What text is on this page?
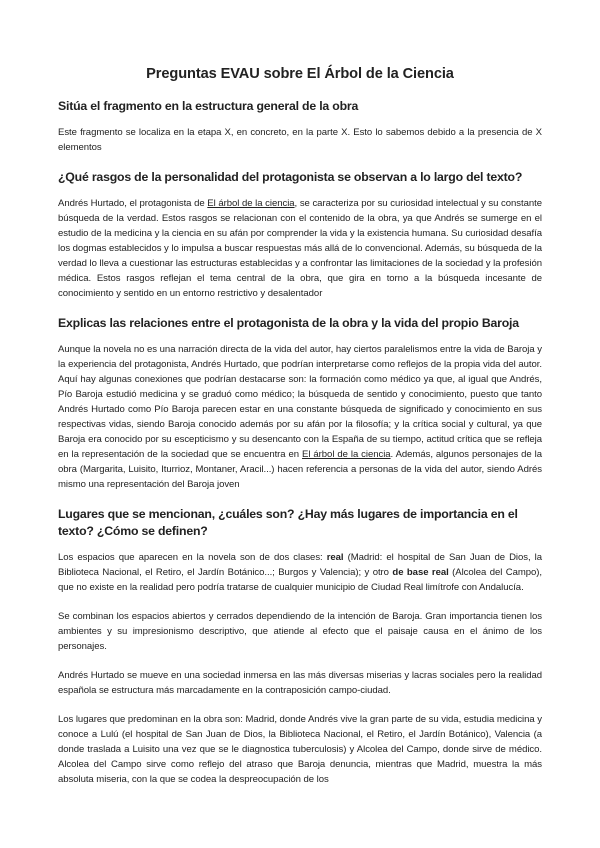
Preguntas EVAU sobre El Árbol de la Ciencia
Sitúa el fragmento en la estructura general de la obra

Este fragmento se localiza en la etapa X, en concreto, en la parte X. Esto lo sabemos debido a la presencia de X elementos

¿Qué rasgos de la personalidad del protagonista se observan a lo largo del texto?

Andrés Hurtado, el protagonista de El árbol de la ciencia, se caracteriza por su curiosidad intelectual y su constante búsqueda de la verdad. Estos rasgos se relacionan con el contenido de la obra, ya que Andrés se sumerge en el estudio de la medicina y la ciencia en su afán por comprender la vida y la existencia humana. Su curiosidad desafía los dogmas establecidos y lo impulsa a buscar respuestas más allá de lo convencional. Además, su búsqueda de la verdad lo lleva a cuestionar las estructuras establecidas y a confrontar las limitaciones de la sociedad y la profesión médica. Estos rasgos reflejan el tema central de la obra, que gira en torno a la búsqueda incesante de conocimiento y sentido en un entorno restrictivo y desalentador

Explicas las relaciones entre el protagonista de la obra y la vida del propio Baroja

Aunque la novela no es una narración directa de la vida del autor, hay ciertos paralelismos entre la vida de Baroja y la experiencia del protagonista, Andrés Hurtado, que podrían interpretarse como reflejos de la propia vida del autor. Aquí hay algunas conexiones que podrían destacarse son: la formación como médico ya que, al igual que Andrés, Pío Baroja estudió medicina y se graduó como médico; la búsqueda de sentido y conocimiento, puesto que tanto Andrés Hurtado como Pío Baroja parecen estar en una constante búsqueda de significado y conocimiento en sus respectivas vidas, siendo Baroja conocido además por su afán por la filosofía; y la crítica social y cultural, ya que Baroja era conocido por su escepticismo y su desencanto con la España de su tiempo, actitud crítica que se refleja en la representación de la sociedad que se encuentra en El árbol de la ciencia. Además, algunos personajes de la obra (Margarita, Luisito, Iturrioz, Montaner, Aracil...) hacen referencia a personas de la vida del autor, siendo Adrés mismo una representación del Baroja joven

Lugares que se mencionan, ¿cuáles son? ¿Hay más lugares de importancia en el texto? ¿Cómo se definen?

Los espacios que aparecen en la novela son de dos clases: real (Madrid: el hospital de San Juan de Dios, la Biblioteca Nacional, el Retiro, el Jardín Botánico...; Burgos y Valencia); y otro de base real (Alcolea del Campo), que no existe en la realidad pero podría tratarse de cualquier municipio de Ciudad Real limítrofe con Andalucía.

Se combinan los espacios abiertos y cerrados dependiendo de la intención de Baroja. Gran importancia tienen los ambientes y su impresionismo descriptivo, que atiende al efecto que el paisaje causa en el ánimo de los personajes.

Andrés Hurtado se mueve en una sociedad inmersa en las más diversas miserias y lacras sociales pero la realidad española se estructura más marcadamente en la contraposición campo-ciudad.

Los lugares que predominan en la obra son: Madrid, donde Andrés vive la gran parte de su vida, estudia medicina y conoce a Lulú (el hospital de San Juan de Dios, la Biblioteca Nacional, el Retiro, el Jardín Botánico), Valencia (a donde traslada a Luisito una vez que se le diagnostica tuberculosis) y Alcolea del Campo, donde sirve de médico. Alcolea del Campo sirve como reflejo del atraso que Baroja denuncia, mientras que Madrid, muestra la más absoluta miseria, con la que se codea la despreocupación de los
